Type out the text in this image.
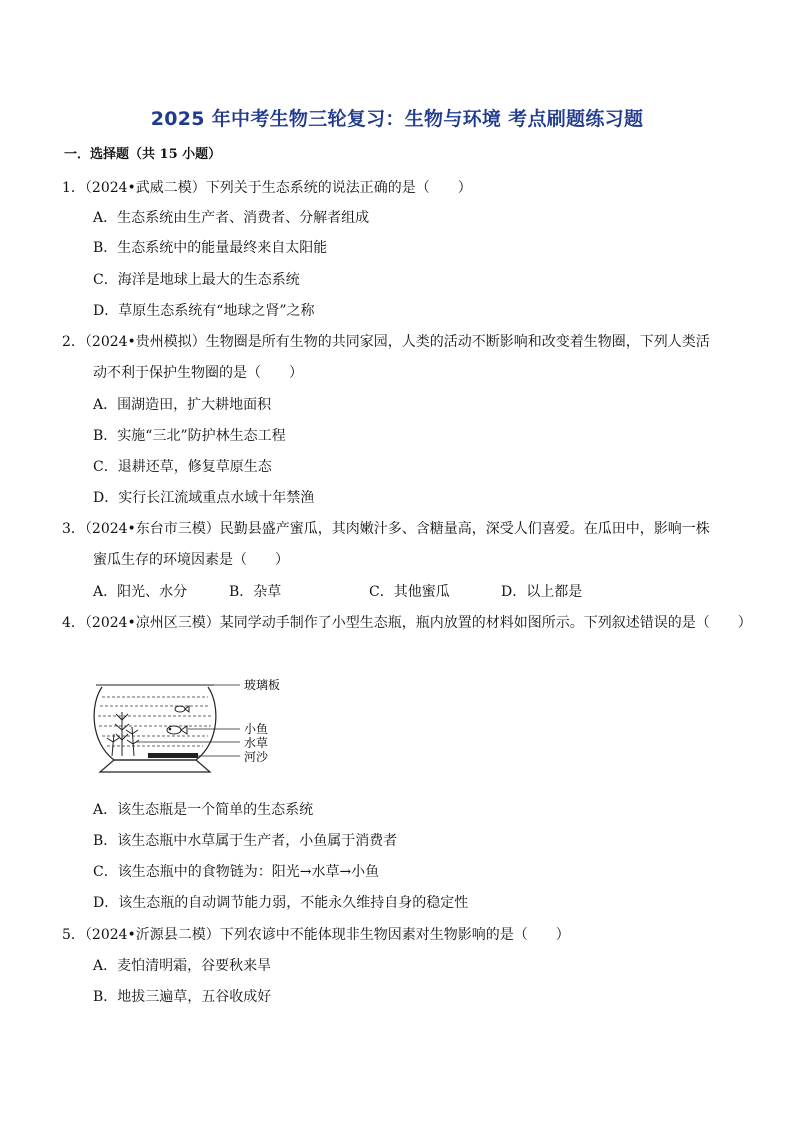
2025 年中考生物三轮复习：生物与环境 考点刷题练习题
一．选择题（共 15 小题）
1．（2024•武威二模）下列关于生态系统的说法正确的是（　　）
A．生态系统由生产者、消费者、分解者组成
B．生态系统中的能量最终来自太阳能
C．海洋是地球上最大的生态系统
D．草原生态系统有“地球之肾”之称
2．（2024•贵州模拟）生物圈是所有生物的共同家园，人类的活动不断影响和改变着生物圈，下列人类活
动不利于保护生物圈的是（　　）
A．围湖造田，扩大耕地面积
B．实施“三北”防护林生态工程
C．退耕还草，修复草原生态
D．实行长江流域重点水域十年禁渔
3．（2024•东台市三模）民勤县盛产蜜瓜，其肉嫩汁多、含糖量高，深受人们喜爱。在瓜田中，影响一株
蜜瓜生存的环境因素是（　　）
A．阳光、水分	B．杂草	C．其他蜜瓜	D．以上都是
4．（2024•凉州区三模）某同学动手制作了小型生态瓶，瓶内放置的材料如图所示。下列叙述错误的是（　　）
玻璃板
小鱼
水草
河沙
A．该生态瓶是一个简单的生态系统
B．该生态瓶中水草属于生产者，小鱼属于消费者
C．该生态瓶中的食物链为：阳光→水草→小鱼
D．该生态瓶的自动调节能力弱，不能永久维持自身的稳定性
5．（2024•沂源县二模）下列农谚中不能体现非生物因素对生物影响的是（　　）
A．麦怕清明霜，谷要秋来旱
B．地拔三遍草，五谷收成好
